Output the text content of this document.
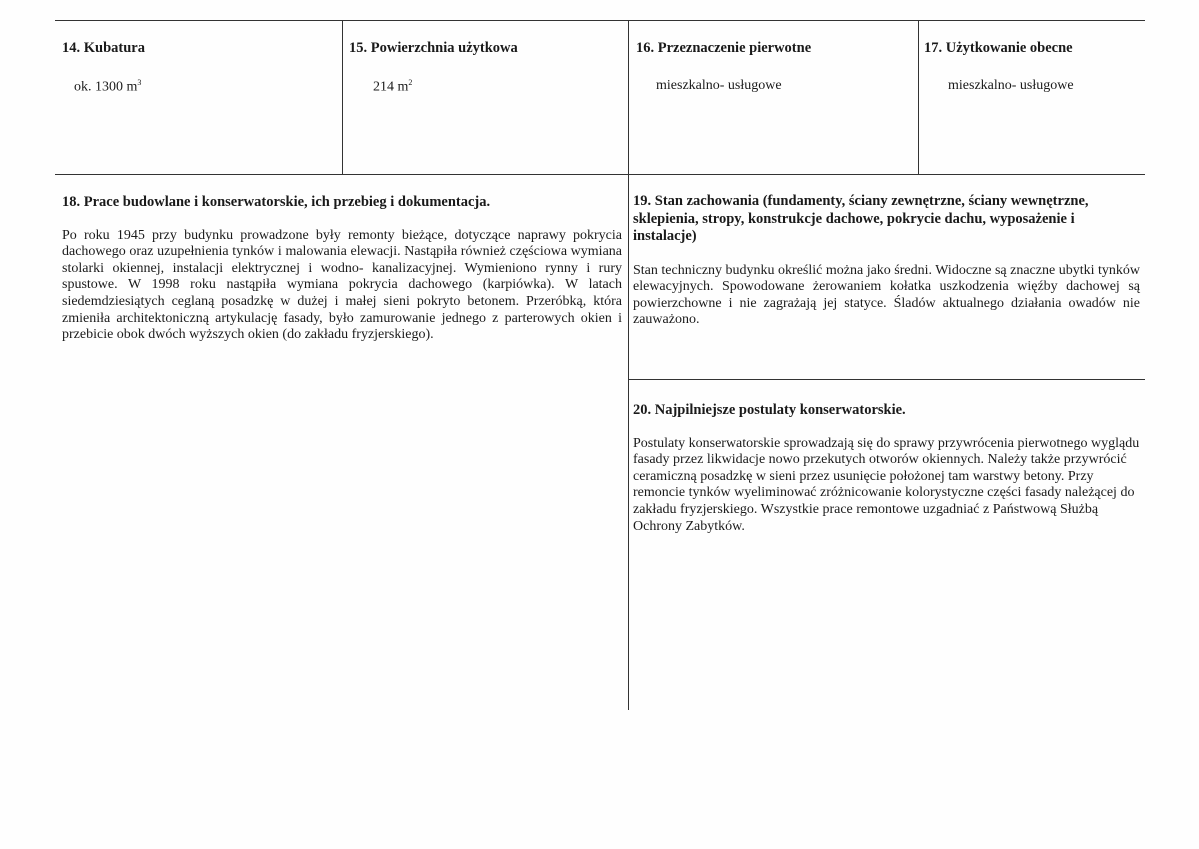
14. Kubatura
ok. 1300 $m^3$
15. Powierzchnia użytkowa
214 $m^2$
16. Przeznaczenie pierwotne
mieszkalno- usługowe
17. Użytkowanie obecne
mieszkalno- usługowe

18. Prace budowlane i konserwatorskie, ich przebieg i dokumentacja.

Po roku 1945 przy budynku prowadzone były remonty bieżące, dotyczące naprawy pokrycia dachowego oraz uzupełnienia tynków i malowania elewacji. Nastąpiła również częściowa wymiana stolarki okiennej, instalacji elektrycznej i wodno- kanalizacyjnej. Wymieniono rynny i rury spustowe. W 1998 roku nastąpiła wymiana pokrycia dachowego (karpiówka). W latach siedemdziesiątych ceglaną posadzkę w dużej i małej sieni pokryto betonem. Przeróbką, która zmieniła architektoniczną artykulację fasady, było zamurowanie jednego z parterowych okien i przebicie obok dwóch wyższych okien (do zakładu fryzjerskiego).

19. Stan zachowania (fundamenty, ściany zewnętrzne, ściany wewnętrzne, sklepienia, stropy, konstrukcje dachowe, pokrycie dachu, wyposażenie i instalacje)

Stan techniczny budynku określić można jako średni. Widoczne są znaczne ubytki tynków elewacyjnych. Spowodowane żerowaniem kołatka uszkodzenia więźby dachowej są powierzchowne i nie zagrażają jej statyce. Śladów aktualnego działania owadów nie zauważono.

20. Najpilniejsze postulaty konserwatorskie.

Postulaty konserwatorskie sprowadzają się do sprawy przywrócenia pierwotnego wyglądu fasady przez likwidacje nowo przekutych otworów okiennych. Należy także przywrócić ceramiczną posadzkę w sieni przez usunięcie położonej tam warstwy betony. Przy remoncie tynków wyeliminować zróżnicowanie kolorystyczne części fasady należącej do zakładu fryzjerskiego. Wszystkie prace remontowe uzgadniać z Państwową Służbą Ochrony Zabytków.
